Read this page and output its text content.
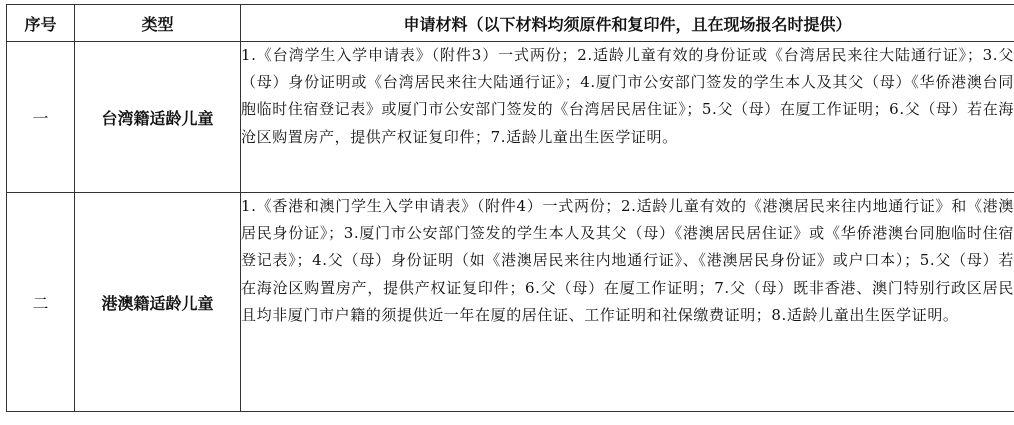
序号	类型	申请材料（以下材料均须原件和复印件，且在现场报名时提供）
一	台湾籍适龄儿童	1.《台湾学生入学申请表》（附件3）一式两份；2.适龄儿童有效的身份证或《台湾居民来往大陆通行证》；3.父（母）身份证明或《台湾居民来往大陆通行证》；4.厦门市公安部门签发的学生本人及其父（母）《华侨港澳台同胞临时住宿登记表》或厦门市公安部门签发的《台湾居民居住证》；5.父（母）在厦工作证明；6.父（母）若在海沧区购置房产，提供产权证复印件；7.适龄儿童出生医学证明。
二	港澳籍适龄儿童	1.《香港和澳门学生入学申请表》（附件4）一式两份；2.适龄儿童有效的《港澳居民来往内地通行证》和《港澳居民身份证》；3.厦门市公安部门签发的学生本人及其父（母）《港澳居民居住证》或《华侨港澳台同胞临时住宿登记表》；4.父（母）身份证明（如《港澳居民来往内地通行证》、《港澳居民身份证》或户口本）；5.父（母）若在海沧区购置房产，提供产权证复印件；6.父（母）在厦工作证明；7.父（母）既非香港、澳门特别行政区居民且均非厦门市户籍的须提供近一年在厦的居住证、工作证明和社保缴费证明；8.适龄儿童出生医学证明。
